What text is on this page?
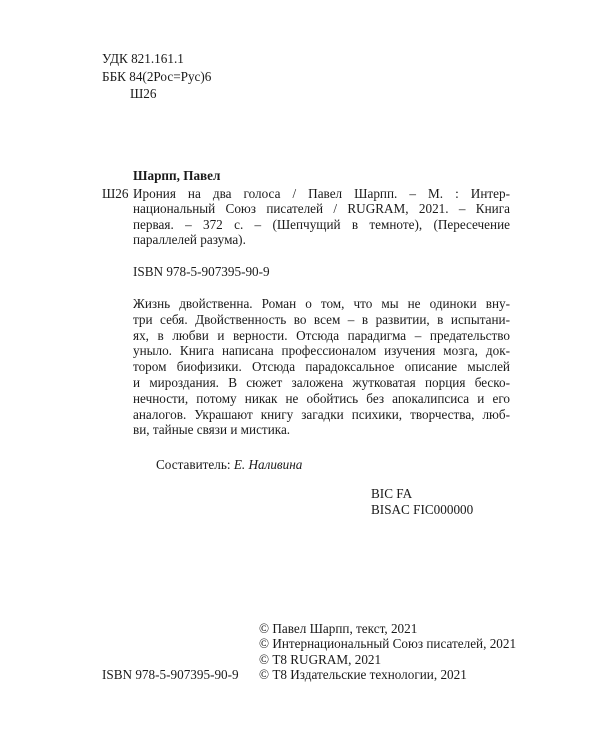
УДК 821.161.1
ББК 84(2Рос=Рус)6
Ш26
Шарпп, Павел
Ш26 Ирония на два голоса / Павел Шарпп. – М. : Интер-
национальный Союз писателей / RUGRAM, 2021. – Книга
первая. – 372 с. – (Шепчущий в темноте), (Пересечение
параллелей разума).
ISBN 978-5-907395-90-9
Жизнь двойственна. Роман о том, что мы не одиноки вну-
три себя. Двойственность во всем – в развитии, в испытани-
ях, в любви и верности. Отсюда парадигма – предательство
уныло. Книга написана профессионалом изучения мозга, док-
тором биофизики. Отсюда парадоксальное описание мыслей
и мироздания. В сюжет заложена жутковатая порция беско-
нечности, потому никак не обойтись без апокалипсиса и его
аналогов. Украшают книгу загадки психики, творчества, люб-
ви, тайные связи и мистика.
Составитель: Е. Наливина
BIC FA
BISAC FIC000000
© Павел Шарпп, текст, 2021
© Интернациональный Союз писателей, 2021
© Т8 RUGRAM, 2021
© Т8 Издательские технологии, 2021
ISBN 978-5-907395-90-9
